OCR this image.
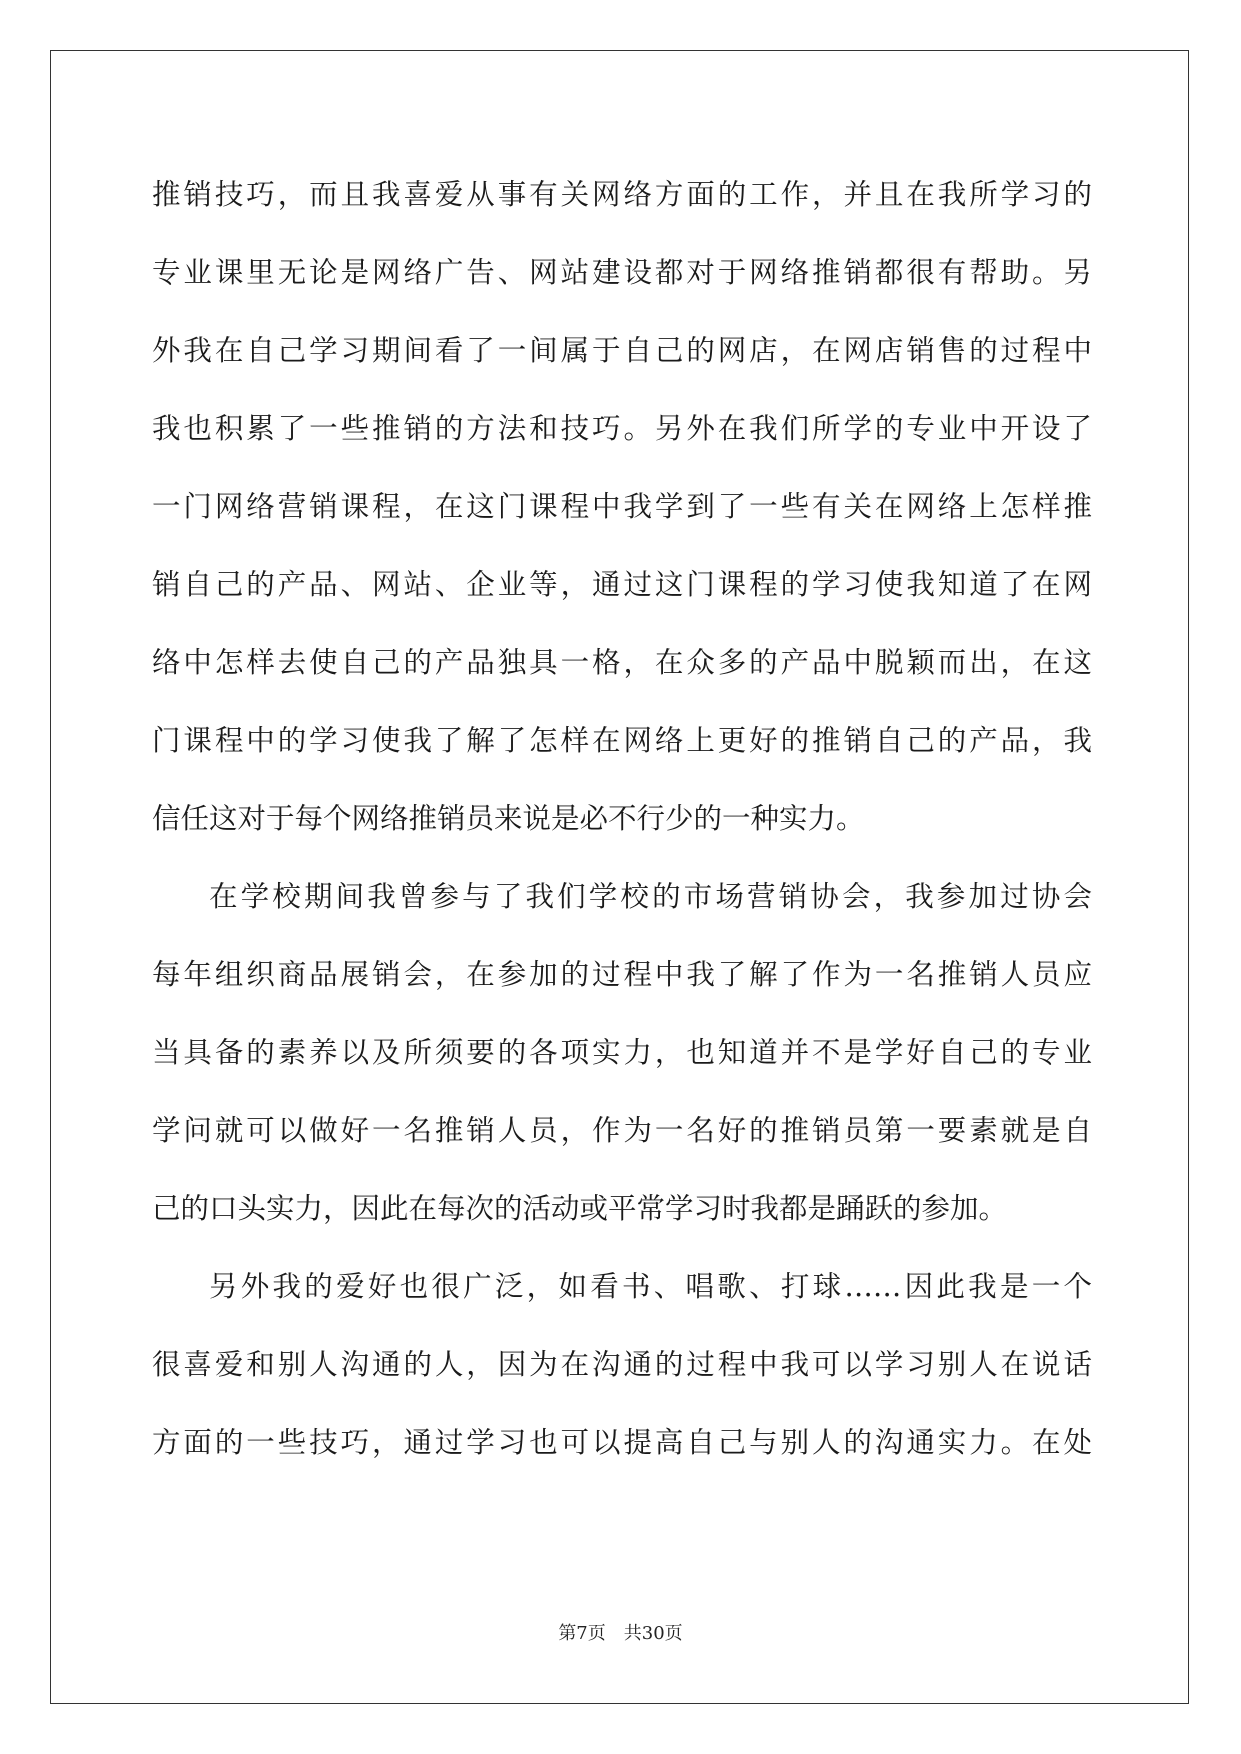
推销技巧，而且我喜爱从事有关网络方面的工作，并且在我所学习的
专业课里无论是网络广告、网站建设都对于网络推销都很有帮助。另
外我在自己学习期间看了一间属于自己的网店，在网店销售的过程中
我也积累了一些推销的方法和技巧。另外在我们所学的专业中开设了
一门网络营销课程，在这门课程中我学到了一些有关在网络上怎样推
销自己的产品、网站、企业等，通过这门课程的学习使我知道了在网
络中怎样去使自己的产品独具一格，在众多的产品中脱颖而出，在这
门课程中的学习使我了解了怎样在网络上更好的推销自己的产品，我
信任这对于每个网络推销员来说是必不行少的一种实力。
在学校期间我曾参与了我们学校的市场营销协会，我参加过协会
每年组织商品展销会，在参加的过程中我了解了作为一名推销人员应
当具备的素养以及所须要的各项实力，也知道并不是学好自己的专业
学问就可以做好一名推销人员，作为一名好的推销员第一要素就是自
己的口头实力，因此在每次的活动或平常学习时我都是踊跃的参加。
另外我的爱好也很广泛，如看书、唱歌、打球……因此我是一个
很喜爱和别人沟通的人，因为在沟通的过程中我可以学习别人在说话
方面的一些技巧，通过学习也可以提高自己与别人的沟通实力。在处
第7页 共30页
